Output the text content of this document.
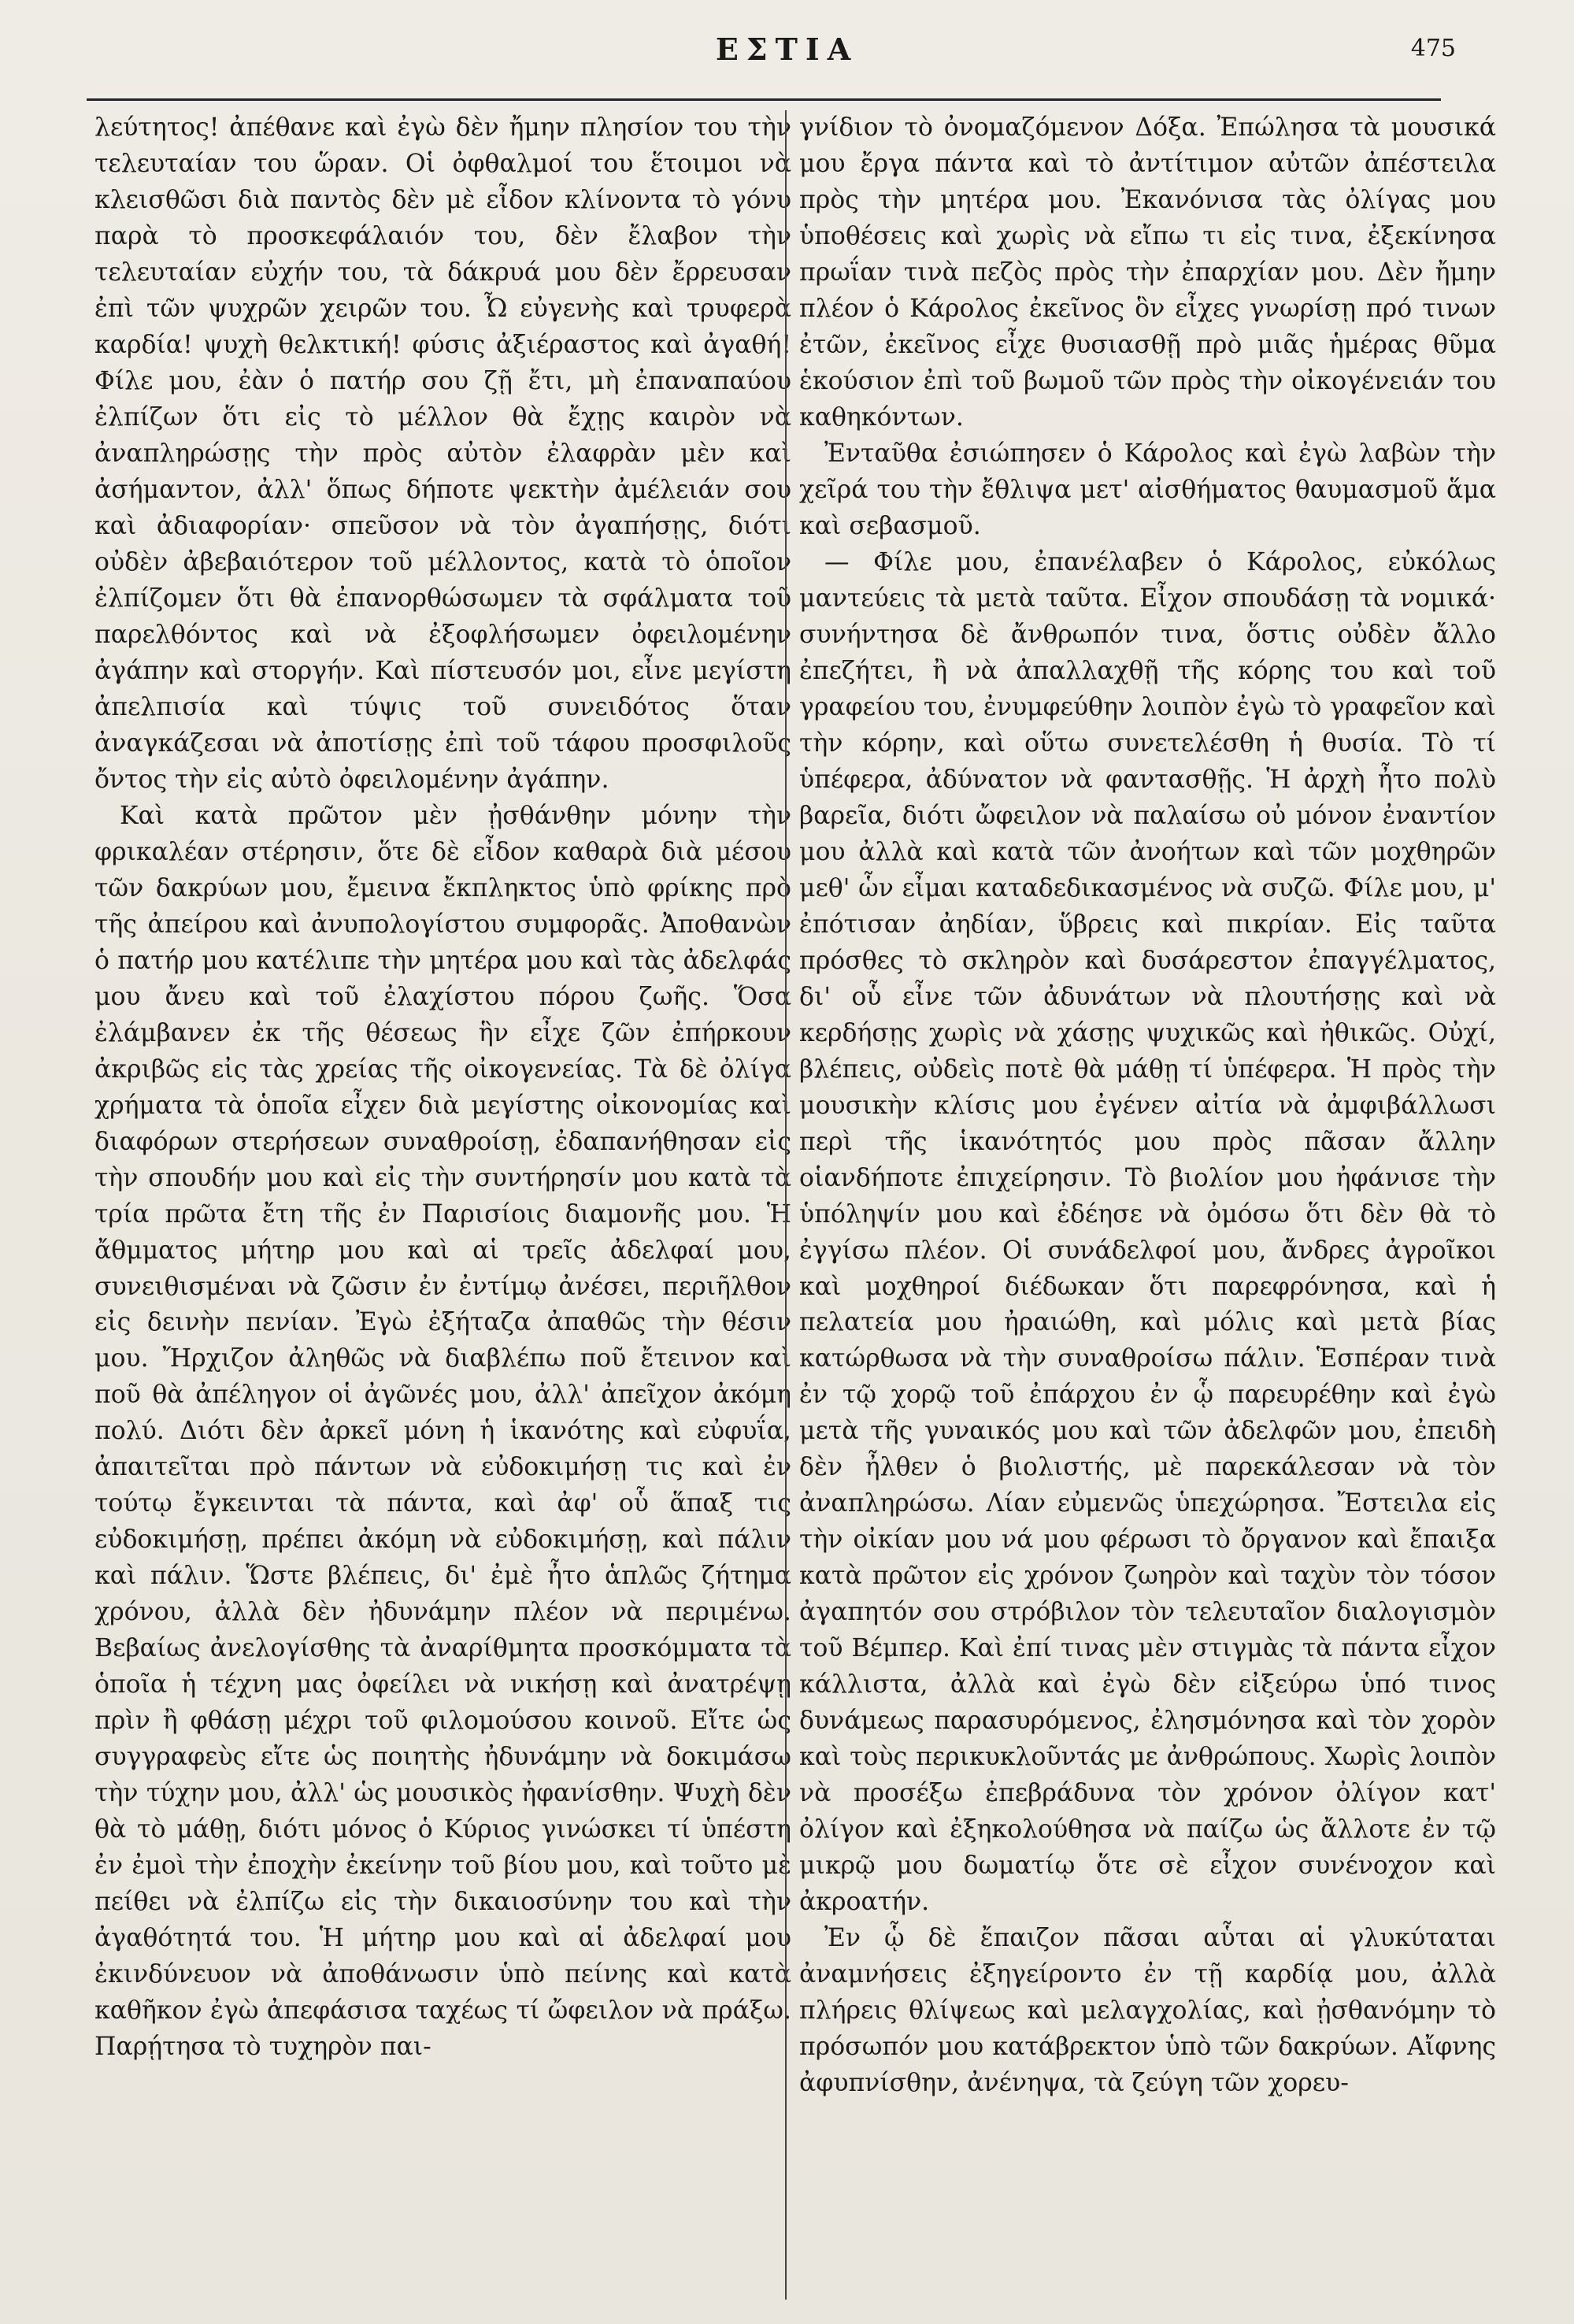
ΕΣΤΙΑ	475

λεύτητος! ἀπέθανε καὶ ἐγὼ δὲν ἤμην πλησίον του τὴν τελευταίαν του ὥραν. Οἱ ὀφθαλμοί του ἕτοιμοι νὰ κλεισθῶσι διὰ παντὸς δὲν μὲ εἶδον κλίνοντα τὸ γόνυ παρὰ τὸ προσκεφάλαιόν του, δὲν ἔλαβον τὴν τελευταίαν εὐχήν του, τὰ δάκρυά μου δὲν ἔρρευσαν ἐπὶ τῶν ψυχρῶν χειρῶν του. Ὦ εὐγενὴς καὶ τρυφερὰ καρδία! ψυχὴ θελκτική! φύσις ἀξιέραστος καὶ ἀγαθή! Φίλε μου, ἐὰν ὁ πατήρ σου ζῇ ἔτι, μὴ ἐπαναπαύου ἐλπίζων ὅτι εἰς τὸ μέλλον θὰ ἔχῃς καιρὸν νὰ ἀναπληρώσῃς τὴν πρὸς αὐτὸν ἐλαφρὰν μὲν καὶ ἀσήμαντον, ἀλλ' ὅπως δήποτε ψεκτὴν ἀμέλειάν σου καὶ ἀδιαφορίαν· σπεῦσον νὰ τὸν ἀγαπήσῃς, διότι οὐδὲν ἀβεβαιότερον τοῦ μέλλοντος, κατὰ τὸ ὁποῖον ἐλπίζομεν ὅτι θὰ ἐπανορθώσωμεν τὰ σφάλματα τοῦ παρελθόντος καὶ νὰ ἐξοφλήσωμεν ὀφειλομένην ἀγάπην καὶ στοργήν. Καὶ πίστευσόν μοι, εἶνε μεγίστη ἀπελπισία καὶ τύψις τοῦ συνειδότος ὅταν ἀναγκάζεσαι νὰ ἀποτίσῃς ἐπὶ τοῦ τάφου προσφιλοῦς ὄντος τὴν εἰς αὐτὸ ὀφειλομένην ἀγάπην.

Καὶ κατὰ πρῶτον μὲν ᾐσθάνθην μόνην τὴν φρικαλέαν στέρησιν, ὅτε δὲ εἶδον καθαρὰ διὰ μέσου τῶν δακρύων μου, ἔμεινα ἔκπληκτος ὑπὸ φρίκης πρὸ τῆς ἀπείρου καὶ ἀνυπολογίστου συμφορᾶς. Ἀποθανὼν ὁ πατήρ μου κατέλιπε τὴν μητέρα μου καὶ τὰς ἀδελφάς μου ἄνευ καὶ τοῦ ἐλαχίστου πόρου ζωῆς. Ὅσα ἐλάμβανεν ἐκ τῆς θέσεως ἣν εἶχε ζῶν ἐπήρκουν ἀκριβῶς εἰς τὰς χρείας τῆς οἰκογενείας. Τὰ δὲ ὀλίγα χρήματα τὰ ὁποῖα εἶχεν διὰ μεγίστης οἰκονομίας καὶ διαφόρων στερήσεων συναθροίσῃ, ἐδαπανήθησαν εἰς τὴν σπουδήν μου καὶ εἰς τὴν συντήρησίν μου κατὰ τὰ τρία πρῶτα ἔτη τῆς ἐν Παρισίοις διαμονῆς μου. Ἡ ἄθμματος μήτηρ μου καὶ αἱ τρεῖς ἀδελφαί μου, συνειθισμέναι νὰ ζῶσιν ἐν ἐντίμῳ ἀνέσει, περιῆλθον εἰς δεινὴν πενίαν. Ἐγὼ ἐξήταζα ἀπαθῶς τὴν θέσιν μου. Ἤρχιζον ἀληθῶς νὰ διαβλέπω ποῦ ἔτεινον καὶ ποῦ θὰ ἀπέληγον οἱ ἀγῶνές μου, ἀλλ' ἀπεῖχον ἀκόμη πολύ. Διότι δὲν ἀρκεῖ μόνη ἡ ἱκανότης καὶ εὐφυΐα, ἀπαιτεῖται πρὸ πάντων νὰ εὐδοκιμήσῃ τις καὶ ἐν τούτῳ ἔγκεινται τὰ πάντα, καὶ ἀφ' οὗ ἅπαξ τις εὐδοκιμήσῃ, πρέπει ἀκόμη νὰ εὐδοκιμήσῃ, καὶ πάλιν καὶ πάλιν. Ὥστε βλέπεις, δι' ἐμὲ ἦτο ἁπλῶς ζήτημα χρόνου, ἀλλὰ δὲν ἠδυνάμην πλέον νὰ περιμένω. Βεβαίως ἀνελογίσθης τὰ ἀναρίθμητα προσκόμματα τὰ ὁποῖα ἡ τέχνη μας ὀφείλει νὰ νικήσῃ καὶ ἀνατρέψῃ πρὶν ἢ φθάσῃ μέχρι τοῦ φιλομούσου κοινοῦ. Εἴτε ὡς συγγραφεὺς εἴτε ὡς ποιητὴς ἠδυνάμην νὰ δοκιμάσω τὴν τύχην μου, ἀλλ' ὡς μουσικὸς ἠφανίσθην. Ψυχὴ δὲν θὰ τὸ μάθῃ, διότι μόνος ὁ Κύριος γινώσκει τί ὑπέστη ἐν ἐμοὶ τὴν ἐποχὴν ἐκείνην τοῦ βίου μου, καὶ τοῦτο μὲ πείθει νὰ ἐλπίζω εἰς τὴν δικαιοσύνην του καὶ τὴν ἀγαθότητά του. Ἡ μήτηρ μου καὶ αἱ ἀδελφαί μου ἐκινδύνευον νὰ ἀποθάνωσιν ὑπὸ πείνης καὶ κατὰ καθῆκον ἐγὼ ἀπεφάσισα ταχέως τί ὤφειλον νὰ πράξω. Παρῄτησα τὸ τυχηρὸν παι-

γνίδιον τὸ ὀνομαζόμενον Δόξα. Ἐπώλησα τὰ μουσικά μου ἔργα πάντα καὶ τὸ ἀντίτιμον αὐτῶν ἀπέστειλα πρὸς τὴν μητέρα μου. Ἐκανόνισα τὰς ὀλίγας μου ὑποθέσεις καὶ χωρὶς νὰ εἴπω τι εἰς τινα, ἐξεκίνησα πρωΐαν τινὰ πεζὸς πρὸς τὴν ἐπαρχίαν μου. Δὲν ἤμην πλέον ὁ Κάρολος ἐκεῖνος ὃν εἶχες γνωρίσῃ πρό τινων ἐτῶν, ἐκεῖνος εἶχε θυσιασθῇ πρὸ μιᾶς ἡμέρας θῦμα ἑκούσιον ἐπὶ τοῦ βωμοῦ τῶν πρὸς τὴν οἰκογένειάν του καθηκόντων.

Ἐνταῦθα ἐσιώπησεν ὁ Κάρολος καὶ ἐγὼ λαβὼν τὴν χεῖρά του τὴν ἔθλιψα μετ' αἰσθήματος θαυμασμοῦ ἅμα καὶ σεβασμοῦ.

— Φίλε μου, ἐπανέλαβεν ὁ Κάρολος, εὐκόλως μαντεύεις τὰ μετὰ ταῦτα. Εἶχον σπουδάσῃ τὰ νομικά· συνήντησα δὲ ἄνθρωπόν τινα, ὅστις οὐδὲν ἄλλο ἐπεζήτει, ἢ νὰ ἀπαλλαχθῇ τῆς κόρης του καὶ τοῦ γραφείου του, ἐνυμφεύθην λοιπὸν ἐγὼ τὸ γραφεῖον καὶ τὴν κόρην, καὶ οὕτω συνετελέσθη ἡ θυσία. Τὸ τί ὑπέφερα, ἀδύνατον νὰ φαντασθῇς. Ἡ ἀρχὴ ἦτο πολὺ βαρεῖα, διότι ὤφειλον νὰ παλαίσω οὐ μόνον ἐναντίον μου ἀλλὰ καὶ κατὰ τῶν ἀνοήτων καὶ τῶν μοχθηρῶν μεθ' ὧν εἶμαι καταδεδικασμένος νὰ συζῶ. Φίλε μου, μ' ἐπότισαν ἀηδίαν, ὕβρεις καὶ πικρίαν. Εἰς ταῦτα πρόσθες τὸ σκληρὸν καὶ δυσάρεστον ἐπαγγέλματος, δι' οὗ εἶνε τῶν ἀδυνάτων νὰ πλουτήσῃς καὶ νὰ κερδήσῃς χωρὶς νὰ χάσῃς ψυχικῶς καὶ ἠθικῶς. Οὐχί, βλέπεις, οὐδεὶς ποτὲ θὰ μάθῃ τί ὑπέφερα. Ἡ πρὸς τὴν μουσικὴν κλίσις μου ἐγένεν αἰτία νὰ ἀμφιβάλλωσι περὶ τῆς ἱκανότητός μου πρὸς πᾶσαν ἄλλην οἱανδήποτε ἐπιχείρησιν. Τὸ βιολίον μου ἠφάνισε τὴν ὑπόληψίν μου καὶ ἐδέησε νὰ ὀμόσω ὅτι δὲν θὰ τὸ ἐγγίσω πλέον. Οἱ συνάδελφοί μου, ἄνδρες ἀγροῖκοι καὶ μοχθηροί διέδωκαν ὅτι παρεφρόνησα, καὶ ἡ πελατεία μου ἠραιώθη, καὶ μόλις καὶ μετὰ βίας κατώρθωσα νὰ τὴν συναθροίσω πάλιν. Ἑσπέραν τινὰ ἐν τῷ χορῷ τοῦ ἐπάρχου ἐν ᾧ παρευρέθην καὶ ἐγὼ μετὰ τῆς γυναικός μου καὶ τῶν ἀδελφῶν μου, ἐπειδὴ δὲν ἦλθεν ὁ βιολιστής, μὲ παρεκάλεσαν νὰ τὸν ἀναπληρώσω. Λίαν εὐμενῶς ὑπεχώρησα. Ἔστειλα εἰς τὴν οἰκίαν μου νά μου φέρωσι τὸ ὄργανον καὶ ἔπαιξα κατὰ πρῶτον εἰς χρόνον ζωηρὸν καὶ ταχὺν τὸν τόσον ἀγαπητόν σου στρόβιλον τὸν τελευταῖον διαλογισμὸν τοῦ Βέμπερ. Καὶ ἐπί τινας μὲν στιγμὰς τὰ πάντα εἶχον κάλλιστα, ἀλλὰ καὶ ἐγὼ δὲν εἰξεύρω ὑπό τινος δυνάμεως παρασυρόμενος, ἐλησμόνησα καὶ τὸν χορὸν καὶ τοὺς περικυκλοῦντάς με ἀνθρώπους. Χωρὶς λοιπὸν νὰ προσέξω ἐπεβράδυνα τὸν χρόνον ὀλίγον κατ' ὀλίγον καὶ ἐξηκολούθησα νὰ παίζω ὡς ἄλλοτε ἐν τῷ μικρῷ μου δωματίῳ ὅτε σὲ εἶχον συνένοχον καὶ ἀκροατήν.

Ἐν ᾧ δὲ ἔπαιζον πᾶσαι αὗται αἱ γλυκύταται ἀναμνήσεις ἐξηγείροντο ἐν τῇ καρδίᾳ μου, ἀλλὰ πλήρεις θλίψεως καὶ μελαγχολίας, καὶ ᾐσθανόμην τὸ πρόσωπόν μου κατάβρεκτον ὑπὸ τῶν δακρύων. Αἴφνης ἀφυπνίσθην, ἀνένηψα, τὰ ζεύγη τῶν χορευ-
